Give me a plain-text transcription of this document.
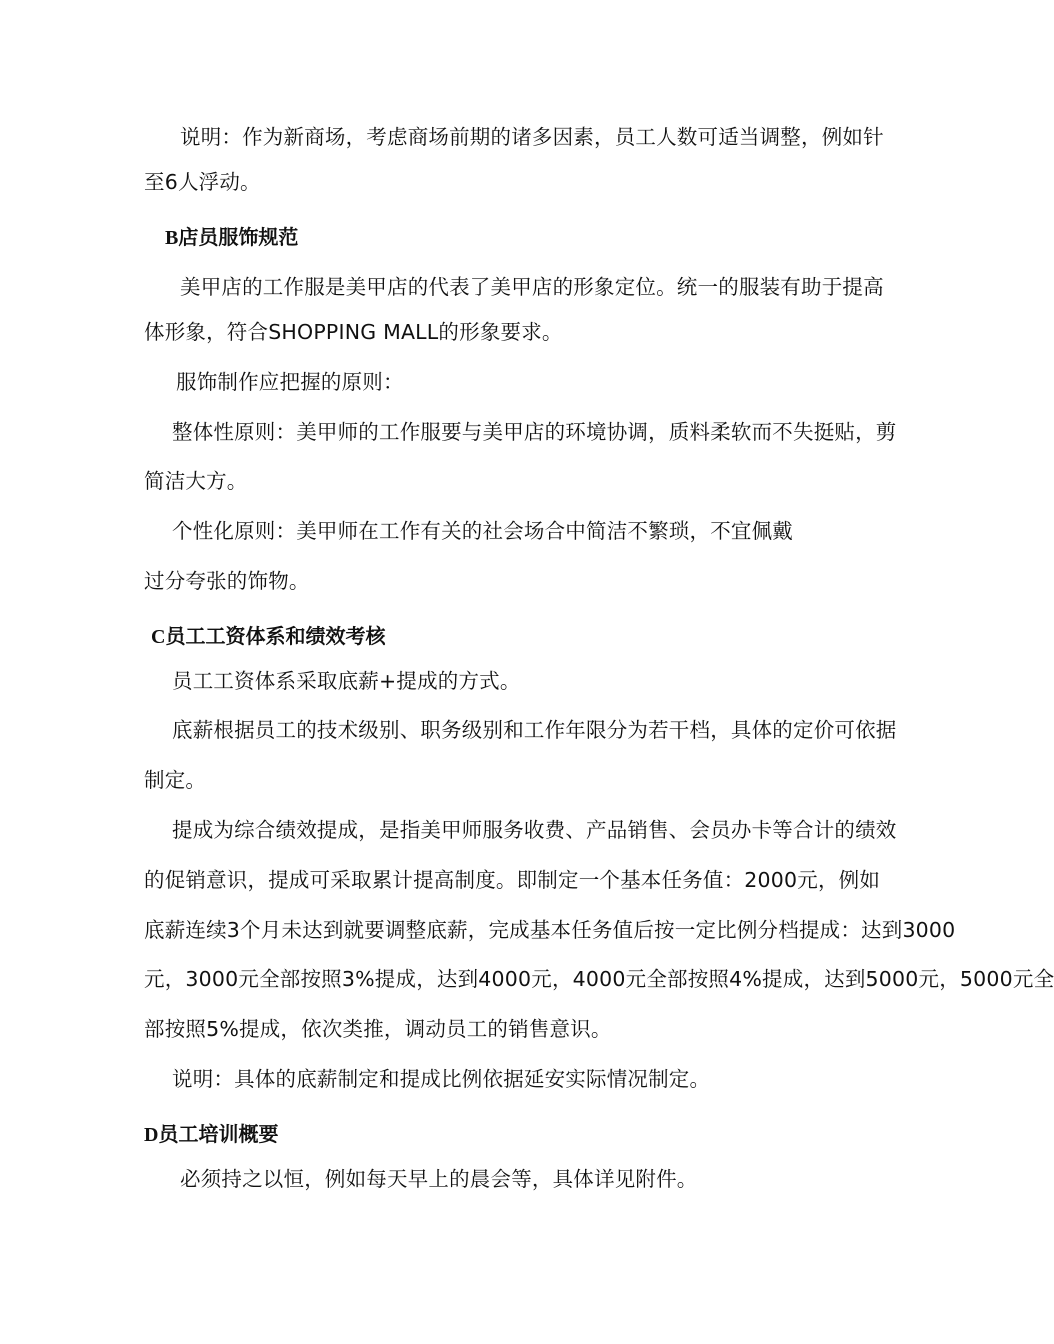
说明：作为新商场，考虑商场前期的诸多因素，员工人数可适当调整，例如针

至6人浮动。

B店员服饰规范

美甲店的工作服是美甲店的代表了美甲店的形象定位。统一的服装有助于提高

体形象，符合SHOPPING MALL的形象要求。

服饰制作应把握的原则：

整体性原则：美甲师的工作服要与美甲店的环境协调，质料柔软而不失挺贴，剪

简洁大方。

个性化原则：美甲师在工作有关的社会场合中简洁不繁琐，不宜佩戴

过分夸张的饰物。

C员工工资体系和绩效考核

员工工资体系采取底薪+提成的方式。

底薪根据员工的技术级别、职务级别和工作年限分为若干档，具体的定价可依据

制定。

提成为综合绩效提成，是指美甲师服务收费、产品销售、会员办卡等合计的绩效

的促销意识，提成可采取累计提高制度。即制定一个基本任务值：2000元，例如

底薪连续3个月未达到就要调整底薪，完成基本任务值后按一定比例分档提成：达到3000

元，3000元全部按照3%提成，达到4000元，4000元全部按照4%提成，达到5000元，5000元全

部按照5%提成，依次类推，调动员工的销售意识。

说明：具体的底薪制定和提成比例依据延安实际情况制定。

D员工培训概要

必须持之以恒，例如每天早上的晨会等，具体详见附件。
